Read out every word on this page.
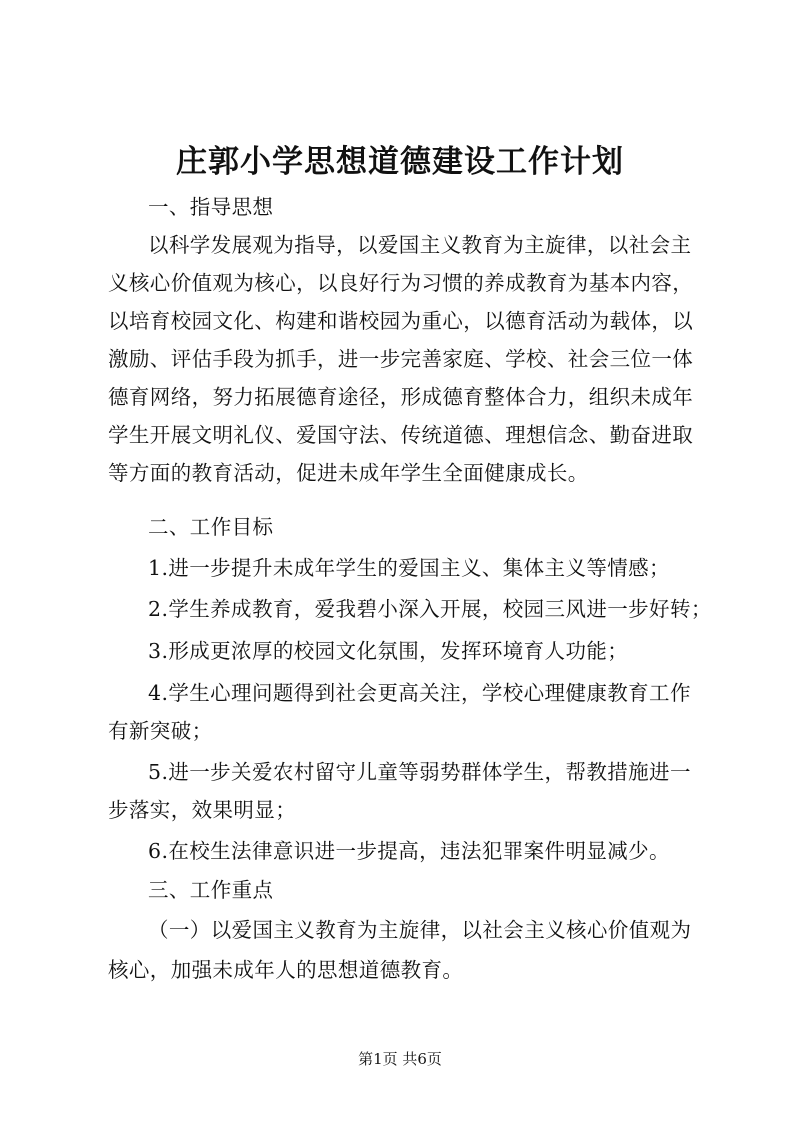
庄郭小学思想道德建设工作计划
一、指导思想
以科学发展观为指导，以爱国主义教育为主旋律，以社会主
义核心价值观为核心，以良好行为习惯的养成教育为基本内容，
以培育校园文化、构建和谐校园为重心，以德育活动为载体，以
激励、评估手段为抓手，进一步完善家庭、学校、社会三位一体
德育网络，努力拓展德育途径，形成德育整体合力，组织未成年
学生开展文明礼仪、爱国守法、传统道德、理想信念、勤奋进取
等方面的教育活动，促进未成年学生全面健康成长。
二、工作目标
1.进一步提升未成年学生的爱国主义、集体主义等情感；
2.学生养成教育，爱我碧小深入开展，校园三风进一步好转；
3.形成更浓厚的校园文化氛围，发挥环境育人功能；
4.学生心理问题得到社会更高关注，学校心理健康教育工作
有新突破；
5.进一步关爱农村留守儿童等弱势群体学生，帮教措施进一
步落实，效果明显；
6.在校生法律意识进一步提高，违法犯罪案件明显减少。
三、工作重点
（一）以爱国主义教育为主旋律，以社会主义核心价值观为
核心，加强未成年人的思想道德教育。
第1页 共6页
